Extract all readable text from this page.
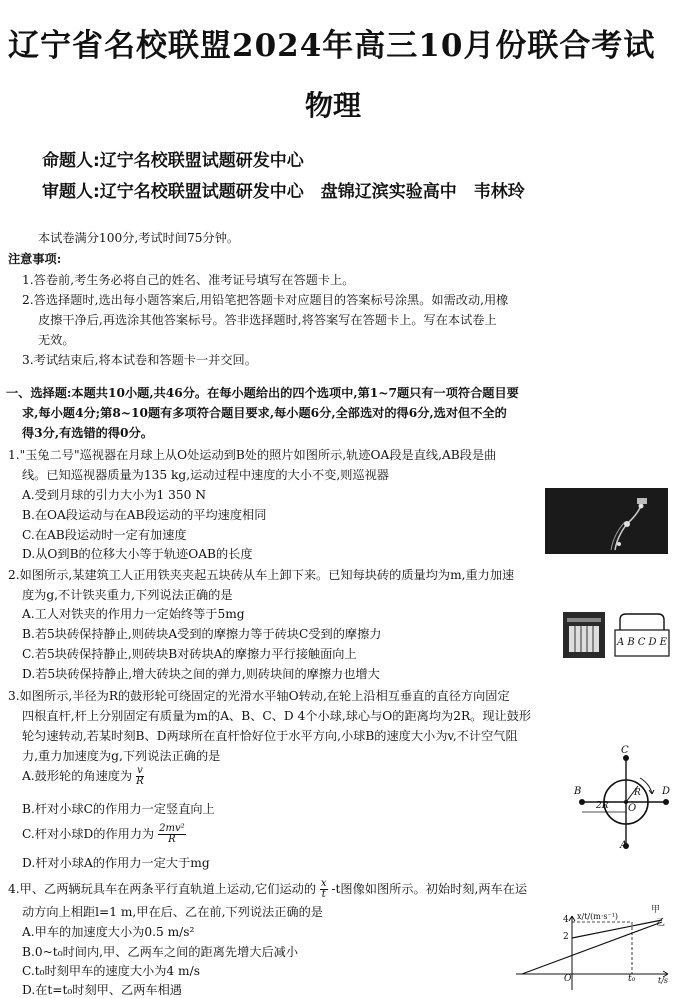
辽宁省名校联盟2024年高三10月份联合考试
物理
命题人:辽宁名校联盟试题研发中心
审题人:辽宁名校联盟试题研发中心　盘锦辽滨实验高中　韦林玲
本试卷满分100分,考试时间75分钟。
注意事项:
1.答卷前,考生务必将自己的姓名、准考证号填写在答题卡上。
2.答选择题时,选出每小题答案后,用铅笔把答题卡对应题目的答案标号涂黑。如需改动,用橡
皮擦干净后,再选涂其他答案标号。答非选择题时,将答案写在答题卡上。写在本试卷上
无效。
3.考试结束后,将本试卷和答题卡一并交回。
一、选择题:本题共10小题,共46分。在每小题给出的四个选项中,第1~7题只有一项符合题目要
求,每小题4分;第8~10题有多项符合题目要求,每小题6分,全部选对的得6分,选对但不全的
得3分,有选错的得0分。
1."玉兔二号"巡视器在月球上从O处运动到B处的照片如图所示,轨迹OA段是直线,AB段是曲
线。已知巡视器质量为135 kg,运动过程中速度的大小不变,则巡视器
A.受到月球的引力大小为1 350 N
B.在OA段运动与在AB段运动的平均速度相同
C.在AB段运动时一定有加速度
D.从O到B的位移大小等于轨迹OAB的长度
2.如图所示,某建筑工人正用铁夹夹起五块砖从车上卸下来。已知每块砖的质量均为m,重力加速
度为g,不计铁夹重力,下列说法正确的是
A.工人对铁夹的作用力一定始终等于5mg
B.若5块砖保持静止,则砖块A受到的摩擦力等于砖块C受到的摩擦力
C.若5块砖保持静止,则砖块B对砖块A的摩擦力平行接触面向上
D.若5块砖保持静止,增大砖块之间的弹力,则砖块间的摩擦力也增大
A B C D E
3.如图所示,半径为R的鼓形轮可绕固定的光滑水平轴O转动,在轮上沿相互垂直的直径方向固定
四根直杆,杆上分别固定有质量为m的A、B、C、D 4个小球,球心与O的距离均为2R。现让鼓形
轮匀速转动,若某时刻B、D两球所在直杆恰好位于水平方向,小球B的速度大小为v,不计空气阻
力,重力加速度为g,下列说法正确的是
A.鼓形轮的角速度为 $\frac{v}{R}$
B.杆对小球C的作用力一定竖直向上
C.杆对小球D的作用力为 $\frac{\text{2mv²}}{R}$
D.杆对小球A的作用力一定大于mg
C
B	D
A
O
R
2R
4.甲、乙两辆玩具车在两条平行直轨道上运动,它们运动的 $\frac{x}{t} -t$图像如图所示。初始时刻,两车在运
动方向上相距l=1 m,甲在后、乙在前,下列说法正确的是
A.甲车的加速度大小为0.5 m/s²
B.0~t₀时间内,甲、乙两车之间的距离先增大后减小
C.t₀时刻甲车的速度大小为4 m/s
D.在t=t₀时刻甲、乙两车相遇
x/t/(m·s⁻¹)
甲
乙
4
2
O	t₀	t/s
